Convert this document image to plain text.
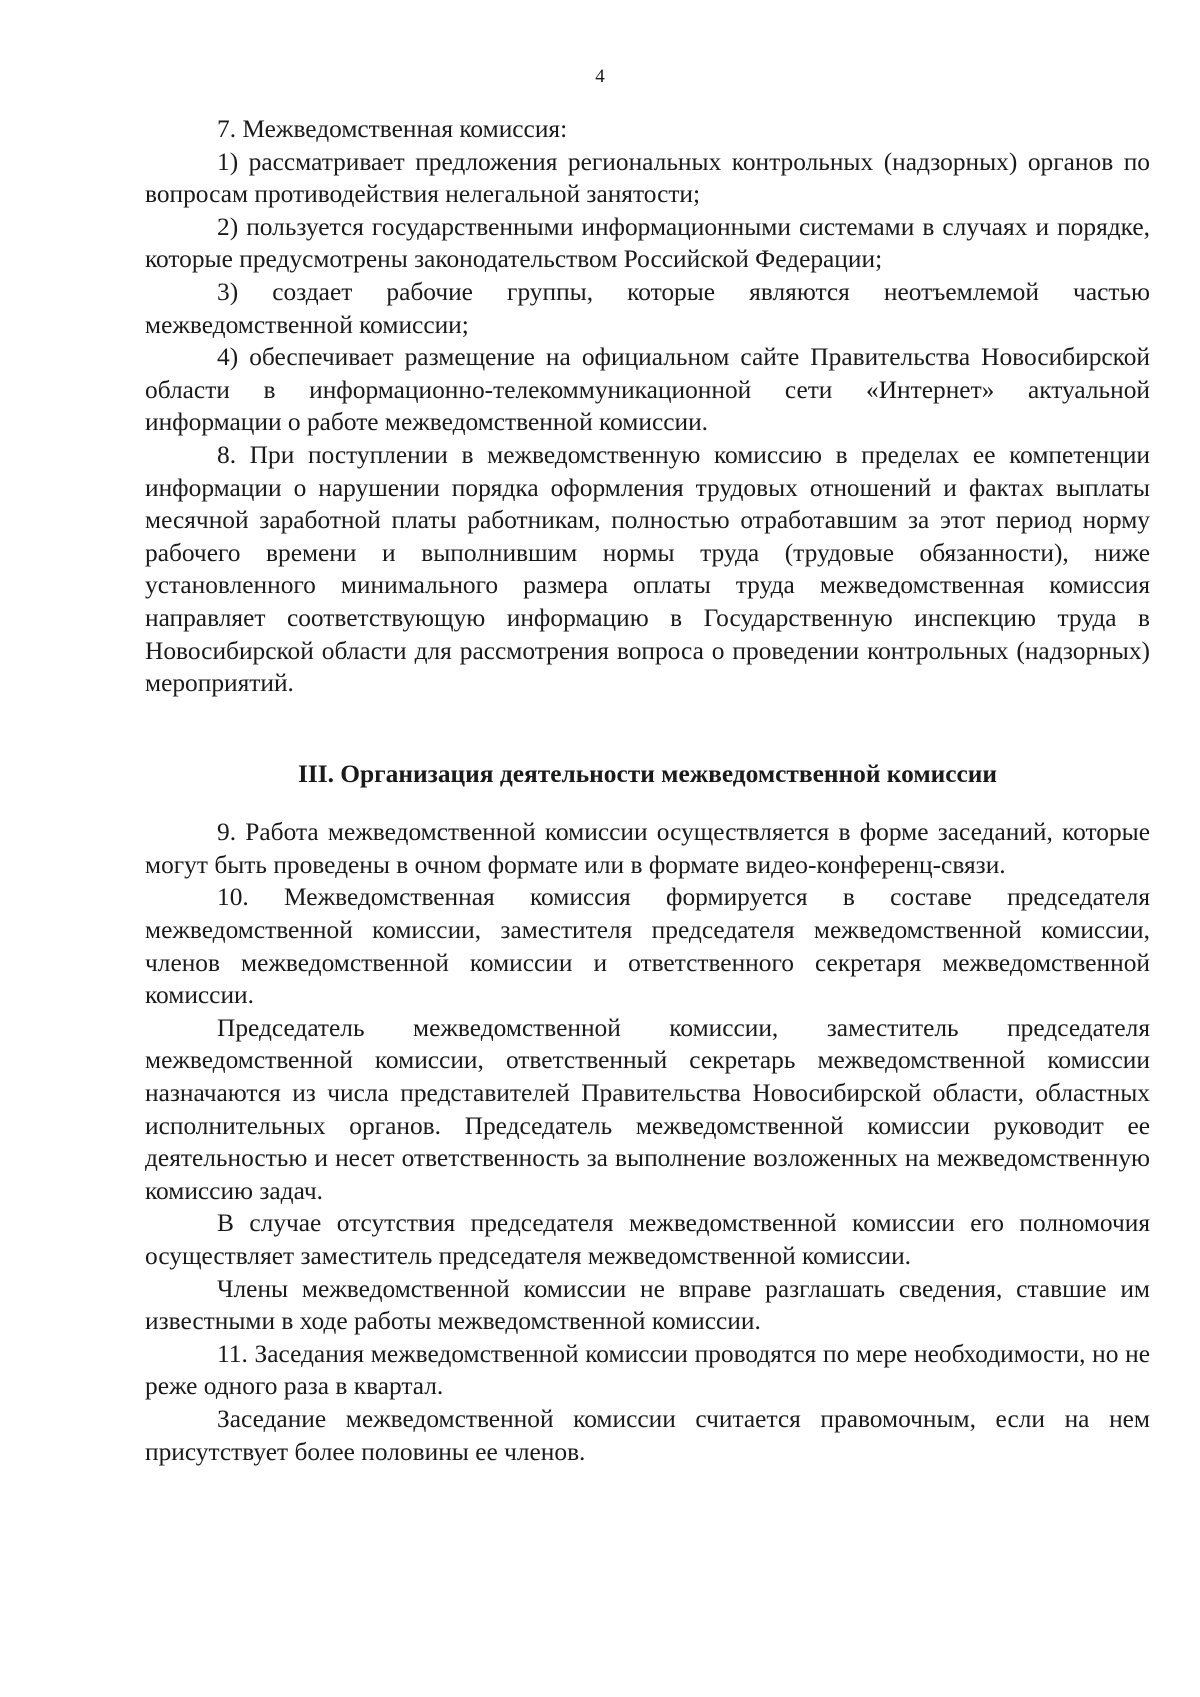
4

7. Межведомственная комиссия:

1) рассматривает предложения региональных контрольных (надзорных) органов по вопросам противодействия нелегальной занятости;

2) пользуется государственными информационными системами в случаях и порядке, которые предусмотрены законодательством Российской Федерации;

3) создает рабочие группы, которые являются неотъемлемой частью межведомственной комиссии;

4) обеспечивает размещение на официальном сайте Правительства Новосибирской области в информационно-телекоммуникационной сети «Интернет» актуальной информации о работе межведомственной комиссии.

8. При поступлении в межведомственную комиссию в пределах ее компетенции информации о нарушении порядка оформления трудовых отношений и фактах выплаты месячной заработной платы работникам, полностью отработавшим за этот период норму рабочего времени и выполнившим нормы труда (трудовые обязанности), ниже установленного минимального размера оплаты труда межведомственная комиссия направляет соответствующую информацию в Государственную инспекцию труда в Новосибирской области для рассмотрения вопроса о проведении контрольных (надзорных) мероприятий.

III. Организация деятельности межведомственной комиссии

9. Работа межведомственной комиссии осуществляется в форме заседаний, которые могут быть проведены в очном формате или в формате видео-конференц-связи.

10. Межведомственная комиссия формируется в составе председателя межведомственной комиссии, заместителя председателя межведомственной комиссии, членов межведомственной комиссии и ответственного секретаря межведомственной комиссии.

Председатель межведомственной комиссии, заместитель председателя межведомственной комиссии, ответственный секретарь межведомственной комиссии назначаются из числа представителей Правительства Новосибирской области, областных исполнительных органов. Председатель межведомственной комиссии руководит ее деятельностью и несет ответственность за выполнение возложенных на межведомственную комиссию задач.

В случае отсутствия председателя межведомственной комиссии его полномочия осуществляет заместитель председателя межведомственной комиссии.

Члены межведомственной комиссии не вправе разглашать сведения, ставшие им известными в ходе работы межведомственной комиссии.

11. Заседания межведомственной комиссии проводятся по мере необходимости, но не реже одного раза в квартал.

Заседание межведомственной комиссии считается правомочным, если на нем присутствует более половины ее членов.
